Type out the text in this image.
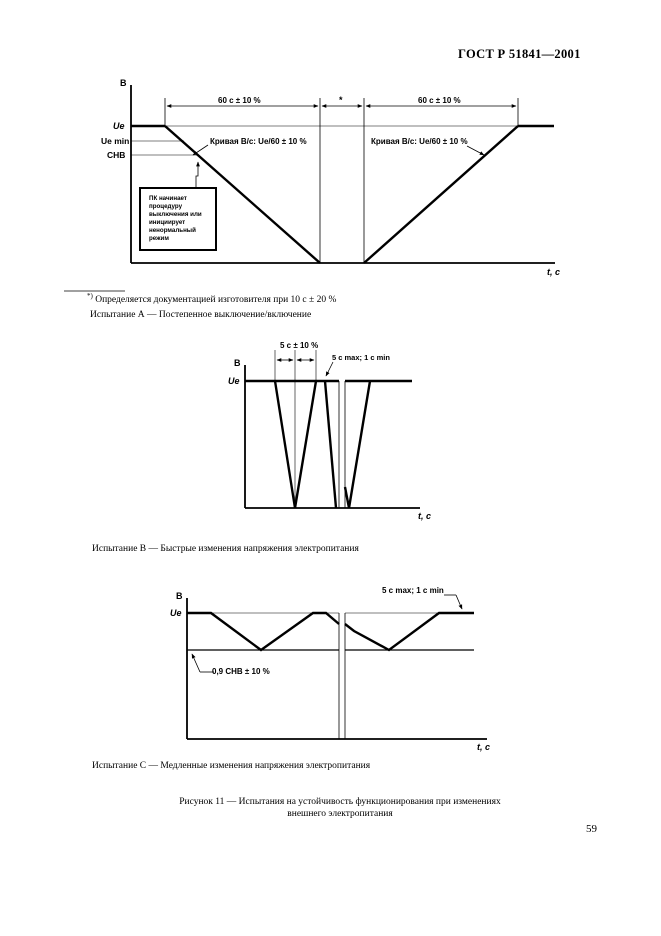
ГОСТ Р 51841—2001
В
t, с
Ue
Ue min
СНВ
60 с ± 10 %	*	60 с ± 10 %
Кривая В/с: Ue/60 ± 10 %	Кривая В/с: Ue/60 ± 10 %
ПК начинает
процедуру
выключения или
инициирует
ненормальный
режим
В
t, с
Ue
5 с ± 10 %
5 с max; 1 с min
В
t, с
Ue
5 с max; 1 с min
0,9 СНВ ± 10 %
*) Определяется документацией изготовителя при 10 с ± 20 %
Испытание А — Постепенное выключение/включение
Испытание В — Быстрые изменения напряжения электропитания
Испытание С — Медленные изменения напряжения электропитания
Рисунок 11 — Испытания на устойчивость функционирования при изменениях
внешнего электропитания
59
